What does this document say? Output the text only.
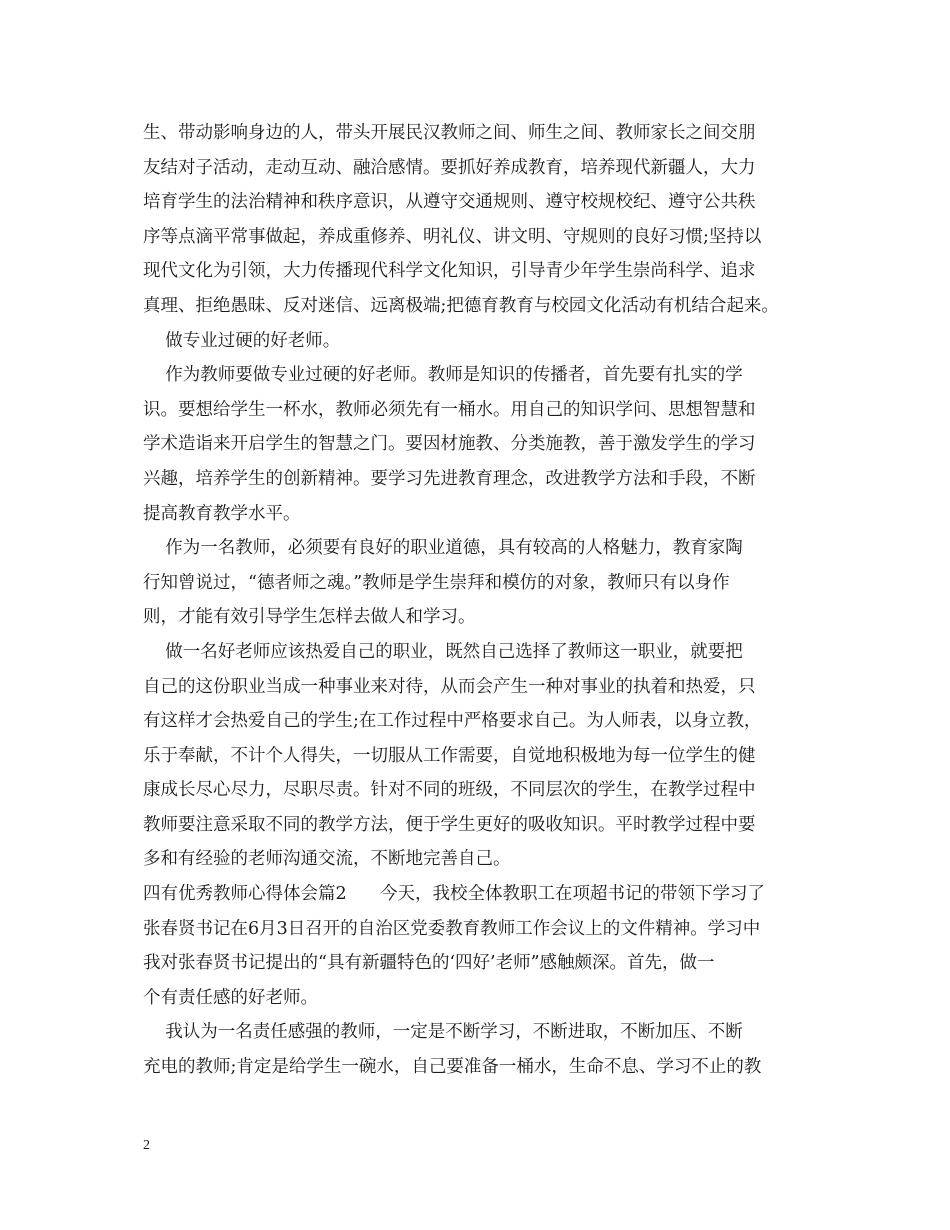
生、带动影响身边的人，带头开展民汉教师之间、师生之间、教师家长之间交朋
友结对子活动，走动互动、融洽感情。要抓好养成教育，培养现代新疆人，大力
培育学生的法治精神和秩序意识，从遵守交通规则、遵守校规校纪、遵守公共秩
序等点滴平常事做起，养成重修养、明礼仪、讲文明、守规则的良好习惯;坚持以
现代文化为引领，大力传播现代科学文化知识，引导青少年学生崇尚科学、追求
真理、拒绝愚昧、反对迷信、远离极端;把德育教育与校园文化活动有机结合起来。
做专业过硬的好老师。
作为教师要做专业过硬的好老师。教师是知识的传播者，首先要有扎实的学
识。要想给学生一杯水，教师必须先有一桶水。用自己的知识学问、思想智慧和
学术造诣来开启学生的智慧之门。要因材施教、分类施教，善于激发学生的学习
兴趣，培养学生的创新精神。要学习先进教育理念，改进教学方法和手段，不断
提高教育教学水平。
作为一名教师，必须要有良好的职业道德，具有较高的人格魅力，教育家陶
行知曾说过，“德者师之魂。”教师是学生崇拜和模仿的对象，教师只有以身作
则，才能有效引导学生怎样去做人和学习。
做一名好老师应该热爱自己的职业，既然自己选择了教师这一职业，就要把
自己的这份职业当成一种事业来对待，从而会产生一种对事业的执着和热爱，只
有这样才会热爱自己的学生;在工作过程中严格要求自己。为人师表，以身立教，
乐于奉献，不计个人得失，一切服从工作需要，自觉地积极地为每一位学生的健
康成长尽心尽力，尽职尽责。针对不同的班级，不同层次的学生，在教学过程中
教师要注意采取不同的教学方法，便于学生更好的吸收知识。平时教学过程中要
多和有经验的老师沟通交流，不断地完善自己。
四有优秀教师心得体会篇2      今天，我校全体教职工在项超书记的带领下学习了
张春贤书记在6月3日召开的自治区党委教育教师工作会议上的文件精神。学习中
我对张春贤书记提出的“具有新疆特色的‘四好’老师”感触颇深。首先，做一
个有责任感的好老师。
我认为一名责任感强的教师，一定是不断学习，不断进取，不断加压、不断
充电的教师;肯定是给学生一碗水，自己要准备一桶水，生命不息、学习不止的教
2
